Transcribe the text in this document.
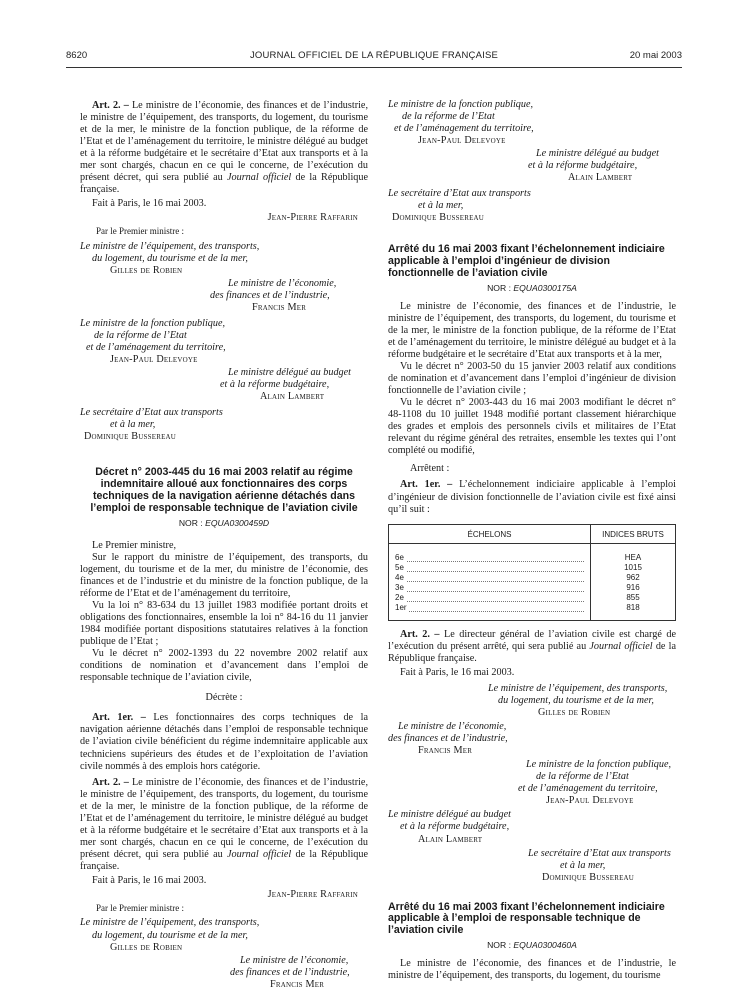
8620	JOURNAL OFFICIEL DE LA RÉPUBLIQUE FRANÇAISE	20 mai 2003

Art. 2. – Le ministre de l’économie, des finances et de l’industrie, le ministre de l’équipement, des transports, du logement, du tourisme et de la mer, le ministre de la fonction publique, de la réforme de l’Etat et de l’aménagement du territoire, le ministre délégué au budget et à la réforme budgétaire et le secrétaire d’Etat aux transports et à la mer sont chargés, chacun en ce qui le concerne, de l’exécution du présent décret, qui sera publié au Journal officiel de la République française.

Fait à Paris, le 16 mai 2003.

Jean-Pierre Raffarin

Par le Premier ministre :

Le ministre de l’équipement, des transports,

du logement, du tourisme et de la mer,

Gilles de Robien

Le ministre de l’économie,

des finances et de l’industrie,

Francis Mer

Le ministre de la fonction publique,

de la réforme de l’Etat

et de l’aménagement du territoire,

Jean-Paul Delevoye

Le ministre délégué au budget

et à la réforme budgétaire,

Alain Lambert

Le secrétaire d’Etat aux transports

et à la mer,

Dominique Bussereau

Décret n° 2003-445 du 16 mai 2003 relatif au régime indemnitaire alloué aux fonctionnaires des corps techniques de la navigation aérienne détachés dans l’emploi de responsable technique de l’aviation civile

NOR : EQUA0300459D

Le Premier ministre,

Sur le rapport du ministre de l’équipement, des transports, du logement, du tourisme et de la mer, du ministre de l’économie, des finances et de l’industrie et du ministre de la fonction publique, de la réforme de l’Etat et de l’aménagement du territoire,

Vu la loi n° 83-634 du 13 juillet 1983 modifiée portant droits et obligations des fonctionnaires, ensemble la loi n° 84-16 du 11 janvier 1984 modifiée portant dispositions statutaires relatives à la fonction publique de l’Etat ;

Vu le décret n° 2002-1393 du 22 novembre 2002 relatif aux conditions de nomination et d’avancement dans l’emploi de responsable technique de l’aviation civile,

Décrète :

Art. 1er. – Les fonctionnaires des corps techniques de la navigation aérienne détachés dans l’emploi de responsable technique de l’aviation civile bénéficient du régime indemnitaire applicable aux techniciens supérieurs des études et de l’exploitation de l’aviation civile nommés à des emplois hors catégorie.

Art. 2. – Le ministre de l’économie, des finances et de l’industrie, le ministre de l’équipement, des transports, du logement, du tourisme et de la mer, le ministre de la fonction publique, de la réforme de l’Etat et de l’aménagement du territoire, le ministre délégué au budget et à la réforme budgétaire et le secrétaire d’Etat aux transports et à la mer sont chargés, chacun en ce qui le concerne, de l’exécution du présent décret, qui sera publié au Journal officiel de la République française.

Fait à Paris, le 16 mai 2003.

Jean-Pierre Raffarin

Par le Premier ministre :

Le ministre de l’équipement, des transports,

du logement, du tourisme et de la mer,

Gilles de Robien

Le ministre de l’économie,

des finances et de l’industrie,

Francis Mer

Le ministre de la fonction publique,

de la réforme de l’Etat

et de l’aménagement du territoire,

Jean-Paul Delevoye

Le ministre délégué au budget

et à la réforme budgétaire,

Alain Lambert

Le secrétaire d’Etat aux transports

et à la mer,

Dominique Bussereau

Arrêté du 16 mai 2003 fixant l’échelonnement indiciaire applicable à l’emploi d’ingénieur de division fonctionnelle de l’aviation civile

NOR : EQUA0300175A

Le ministre de l’économie, des finances et de l’industrie, le ministre de l’équipement, des transports, du logement, du tourisme et de la mer, le ministre de la fonction publique, de la réforme de l’Etat et de l’aménagement du territoire, le ministre délégué au budget et à la réforme budgétaire et le secrétaire d’Etat aux transports et à la mer,

Vu le décret n° 2003-50 du 15 janvier 2003 relatif aux conditions de nomination et d’avancement dans l’emploi d’ingénieur de division fonctionnelle de l’aviation civile ;

Vu le décret n° 2003-443 du 16 mai 2003 modifiant le décret n° 48-1108 du 10 juillet 1948 modifié portant classement hiérarchique des grades et emplois des personnels civils et militaires de l’Etat relevant du régime général des retraites, ensemble les textes qui l’ont complété ou modifié,

Arrêtent :

Art. 1er. – L’échelonnement indiciaire applicable à l’emploi d’ingénieur de division fonctionnelle de l’aviation civile est fixé ainsi qu’il suit :

ÉCHELONS	INDICES BRUTS

6e	HEA

5e	1015

4e	962

3e	916

2e	855

1er	818

Art. 2. – Le directeur général de l’aviation civile est chargé de l’exécution du présent arrêté, qui sera publié au Journal officiel de la République française.

Fait à Paris, le 16 mai 2003.

Le ministre de l’équipement, des transports,

du logement, du tourisme et de la mer,

Gilles de Robien

Le ministre de l’économie,

des finances et de l’industrie,

Francis Mer

Le ministre de la fonction publique,

de la réforme de l’Etat

et de l’aménagement du territoire,

Jean-Paul Delevoye

Le ministre délégué au budget

et à la réforme budgétaire,

Alain Lambert

Le secrétaire d’Etat aux transports

et à la mer,

Dominique Bussereau

Arrêté du 16 mai 2003 fixant l’échelonnement indiciaire applicable à l’emploi de responsable technique de l’aviation civile

NOR : EQUA0300460A

Le ministre de l’économie, des finances et de l’industrie, le ministre de l’équipement, des transports, du logement, du tourisme
